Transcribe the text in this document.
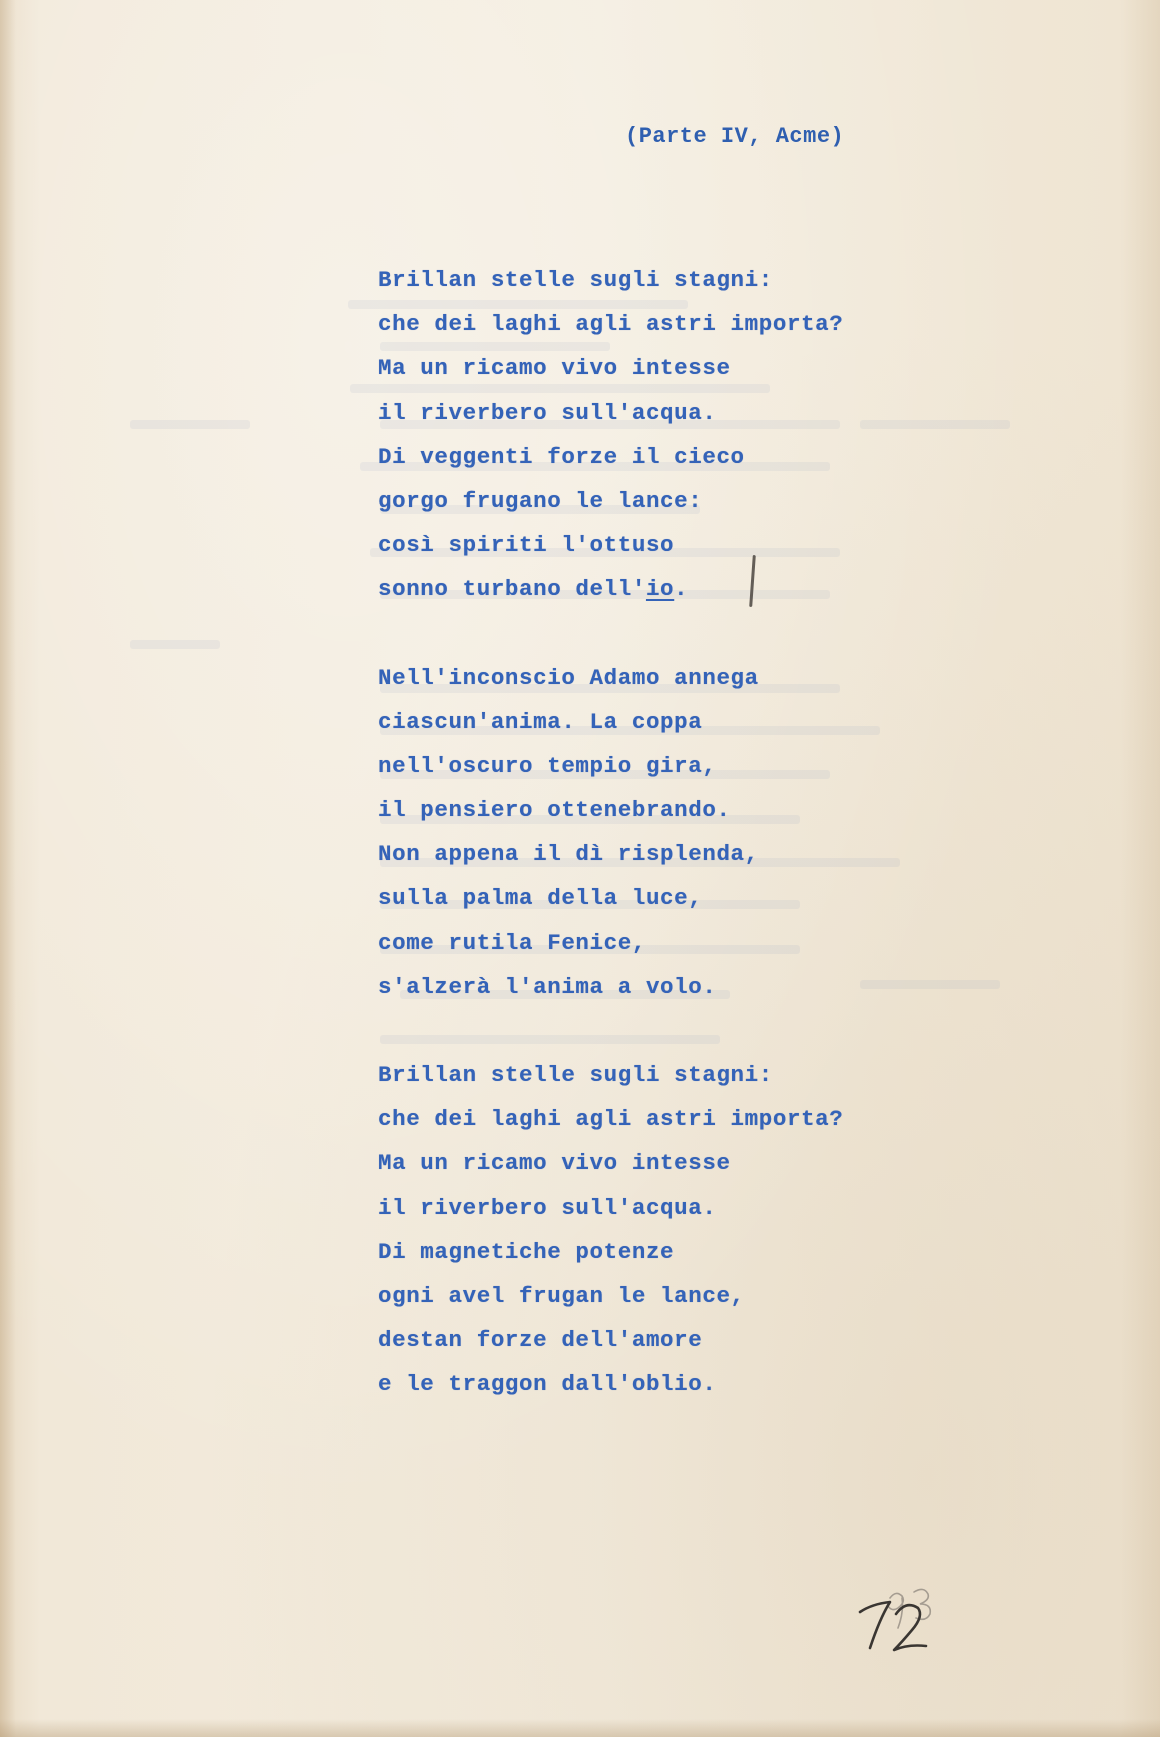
(Parte IV, Acme)
Brillan stelle sugli stagni:
che dei laghi agli astri importa?
Ma un ricamo vivo intesse
il riverbero sull'acqua.
Di veggenti forze il cieco
gorgo frugano le lance:
così spiriti l'ottuso
sonno turbano dell'io.
Nell'inconscio Adamo annega
ciascun'anima. La coppa
nell'oscuro tempio gira,
il pensiero ottenebrando.
Non appena il dì risplenda,
sulla palma della luce,
come rutila Fenice,
s'alzerà l'anima a volo.
Brillan stelle sugli stagni:
che dei laghi agli astri importa?
Ma un ricamo vivo intesse
il riverbero sull'acqua.
Di magnetiche potenze
ogni avel frugan le lance,
destan forze dell'amore
e le traggon dall'oblio.
